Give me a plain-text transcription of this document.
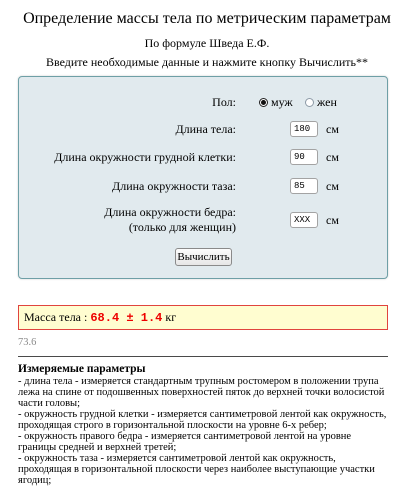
Определение массы тела по метрическим параметрам
По формуле Шведа Е.Ф.
Введите необходимые данные и нажмите кнопку Вычислить**
Пол:	муж жен
Длина тела:
180	см
Длина окружности грудной клетки:
90	см
Длина окружности таза:
85	см
Длина окружности бедра:
(только для женщин)
XXX	см
Вычислить
Масса тела : 68.4 ± 1.4 кг
73.6
Измеряемые параметры
- длина тела - измеряется стандартным трупным ростомером в положении трупа лежа на спине от подошвенных поверхностей пяток до верхней точки волосистой части головы;
- окружность грудной клетки - измеряется сантиметровой лентой как окружность, проходящая строго в горизонтальной плоскости на уровне 6-х ребер;
- окружность правого бедра - измеряется сантиметровой лентой на уровне границы средней и верхней третей;
- окружность таза - измеряется сантиметровой лентой как окружность, проходящая в горизонтальной плоскости через наиболее выступающие участки ягодиц;
